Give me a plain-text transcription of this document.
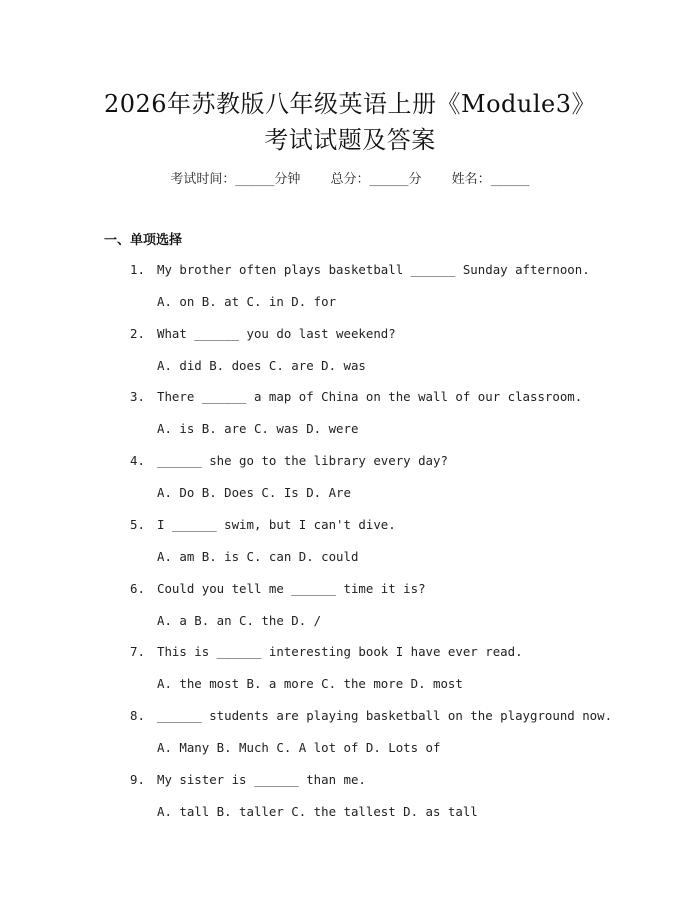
2026年苏教版八年级英语上册《Module3》
考试试题及答案
考试时间：______分钟 总分：______分 姓名：______
一、单项选择
1. My brother often plays basketball ______ Sunday afternoon.
A. on B. at C. in D. for
2. What ______ you do last weekend?
A. did B. does C. are D. was
3. There ______ a map of China on the wall of our classroom.
A. is B. are C. was D. were
4. ______ she go to the library every day?
A. Do B. Does C. Is D. Are
5. I ______ swim, but I can't dive.
A. am B. is C. can D. could
6. Could you tell me ______ time it is?
A. a B. an C. the D. /
7. This is ______ interesting book I have ever read.
A. the most B. a more C. the more D. most
8. ______ students are playing basketball on the playground now.
A. Many B. Much C. A lot of D. Lots of
9. My sister is ______ than me.
A. tall B. taller C. the tallest D. as tall
